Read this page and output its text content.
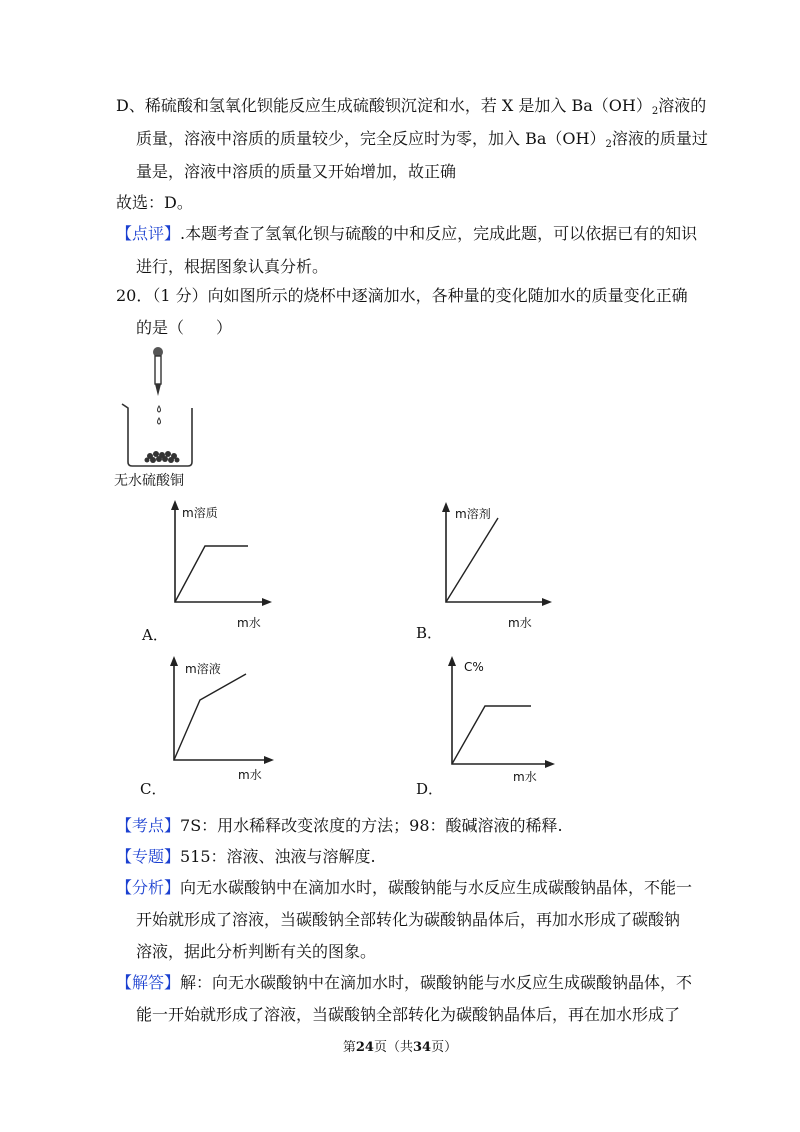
D、稀硫酸和氢氧化钡能反应生成硫酸钡沉淀和水，若 X 是加入 $Ba(OH)_2$溶液的
质量，溶液中溶质的质量较少，完全反应时为零，加入 $Ba(OH)_2$溶液的质量过
量是，溶液中溶质的质量又开始增加，故正确
故选：D。
【点评】.本题考查了氢氧化钡与硫酸的中和反应，完成此题，可以依据已有的知识
进行，根据图象认真分析。
20．（1 分）向如图所示的烧杯中逐滴加水，各种量的变化随加水的质量变化正确
的是（　　）
无水硫酸铜
m溶质
m水
A．
m溶剂
m水
B．
m溶液
m水
C．
C%
m水
D．
【考点】7S：用水稀释改变浓度的方法；98：酸碱溶液的稀释.
【专题】515：溶液、浊液与溶解度.
【分析】向无水碳酸钠中在滴加水时，碳酸钠能与水反应生成碳酸钠晶体，不能一
开始就形成了溶液，当碳酸钠全部转化为碳酸钠晶体后，再加水形成了碳酸钠
溶液，据此分析判断有关的图象。
【解答】解：向无水碳酸钠中在滴加水时，碳酸钠能与水反应生成碳酸钠晶体，不
能一开始就形成了溶液，当碳酸钠全部转化为碳酸钠晶体后，再在加水形成了
第24页（共34页）
